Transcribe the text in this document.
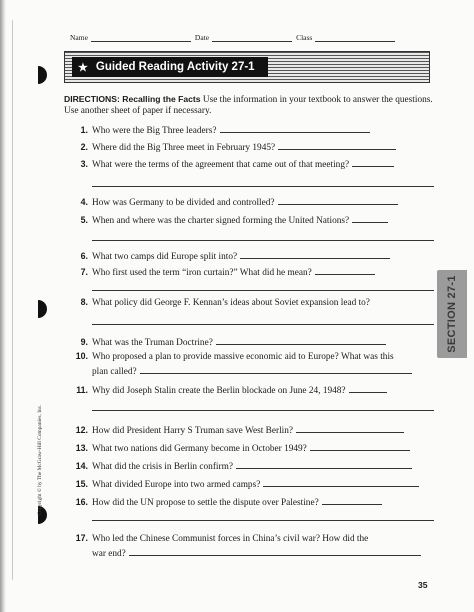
Name	Date	Class
★ Guided Reading Activity 27-1
DIRECTIONS: Recalling the Facts Use the information in your textbook to answer the questions. Use another sheet of paper if necessary.
1. Who were the Big Three leaders?
2. Where did the Big Three meet in February 1945?
3. What were the terms of the agreement that came out of that meeting?
4. How was Germany to be divided and controlled?
5. When and where was the charter signed forming the United Nations?
6. What two camps did Europe split into?
7. Who first used the term “iron curtain?” What did he mean?
8. What policy did George F. Kennan’s ideas about Soviet expansion lead to?
9. What was the Truman Doctrine?
10. Who proposed a plan to provide massive economic aid to Europe? What was this
plan called?
11. Why did Joseph Stalin create the Berlin blockade on June 24, 1948?
12. How did President Harry S Truman save West Berlin?
13. What two nations did Germany become in October 1949?
14. What did the crisis in Berlin confirm?
15. What divided Europe into two armed camps?
16. How did the UN propose to settle the dispute over Palestine?
17. Who led the Chinese Communist forces in China’s civil war? How did the
war end?
SECTION 27-1
Copyright © by The McGraw-Hill Companies, Inc.
35
